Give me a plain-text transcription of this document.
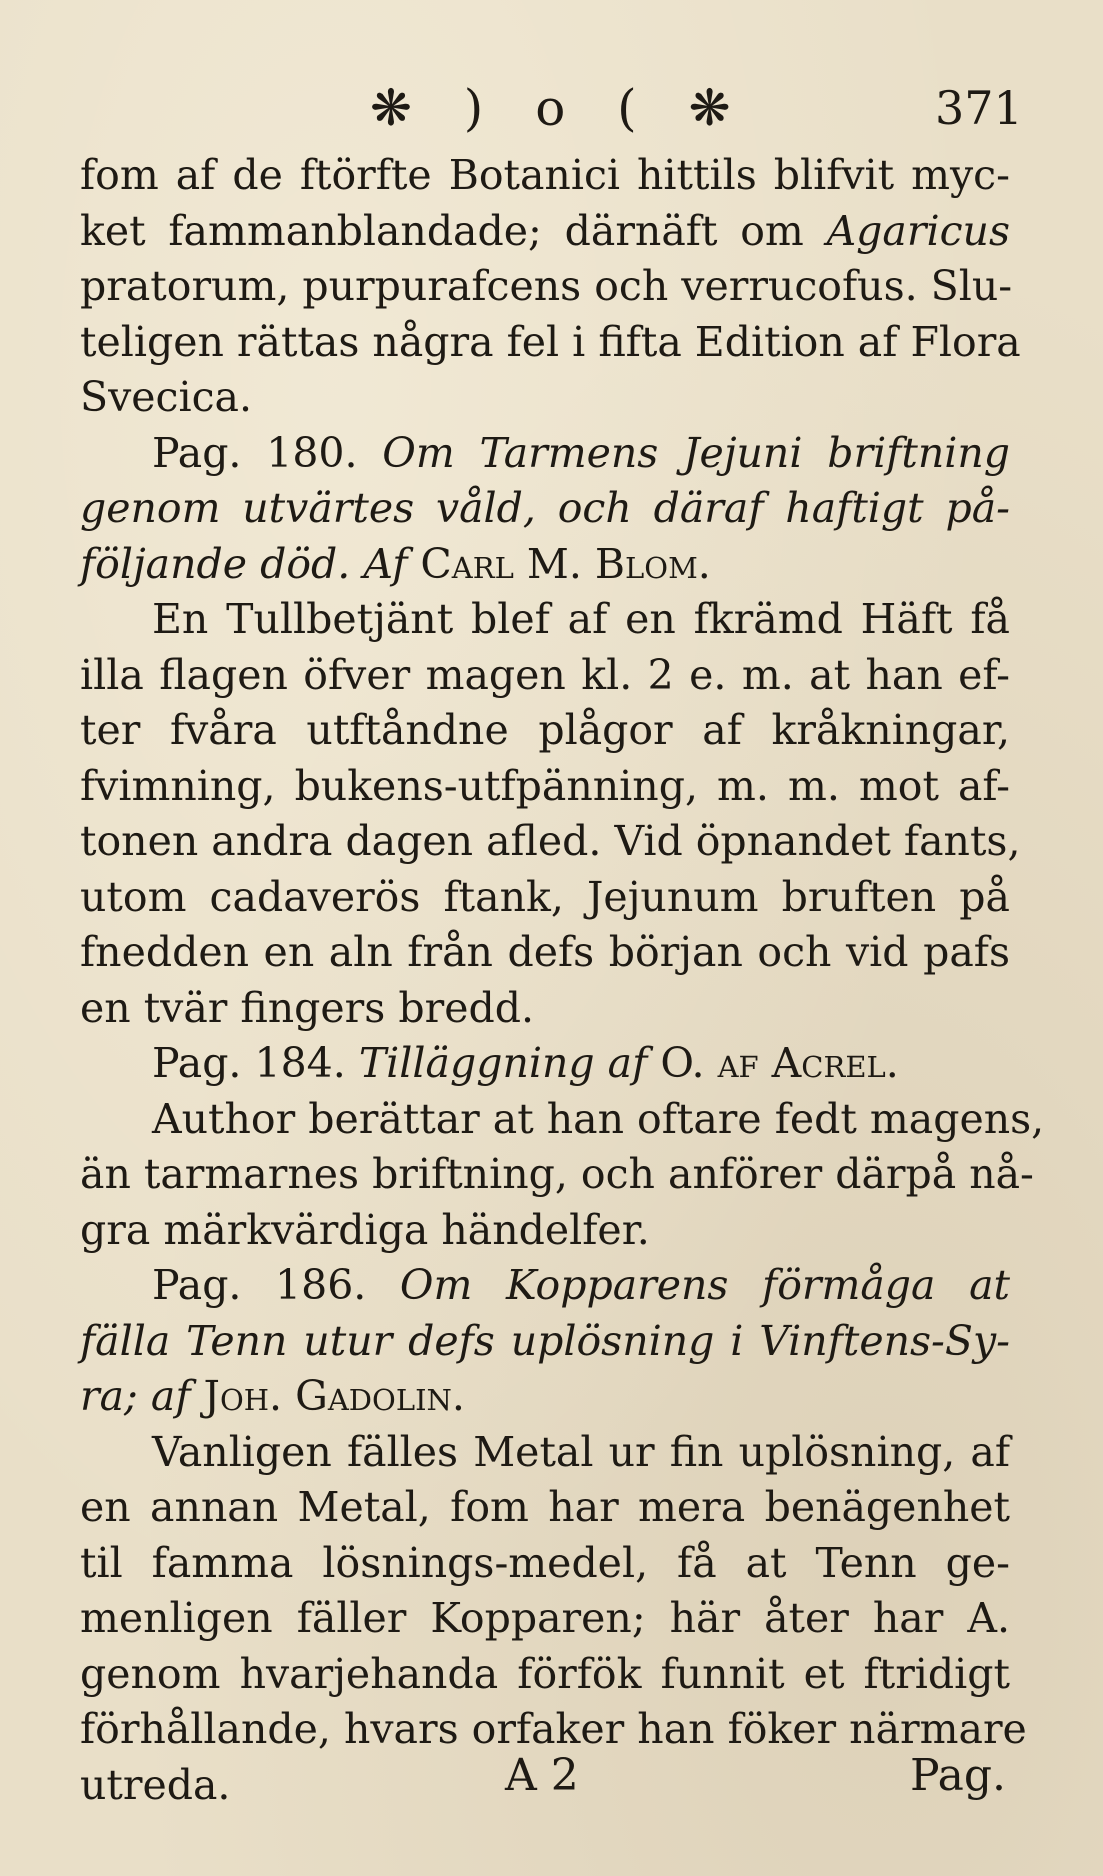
❋ ) o ( ❋	371
fom af de ftörfte Botanici hittils blifvit myc-
ket fammanblandade; därnäft om Agaricus
pratorum, purpurafcens och verrucofus. Slu-
teligen rättas några fel i fifta Edition af Flora
Svecica.
Pag. 180. Om Tarmens Jejuni briftning
genom utvärtes våld, och däraf haftigt på-
följande död. Af Carl M. Blom.
En Tullbetjänt blef af en fkrämd Häft få
illa flagen öfver magen kl. 2 e. m. at han ef-
ter fvåra utftåndne plågor af kråkningar,
fvimning, bukens-utfpänning, m. m. mot af-
tonen andra dagen afled. Vid öpnandet fants,
utom cadaverös ftank, Jejunum bruften på
fnedden en aln från defs början och vid pafs
en tvär fingers bredd.
Pag. 184. Tilläggning af O. af Acrel.
Author berättar at han oftare fedt magens,
än tarmarnes briftning, och anförer därpå nå-
gra märkvärdiga händelfer.
Pag. 186. Om Kopparens förmåga at
fälla Tenn utur defs uplösning i Vinftens-Sy-
ra; af Joh. Gadolin.
Vanligen fälles Metal ur fin uplösning, af
en annan Metal, fom har mera benägenhet
til famma lösnings-medel, få at Tenn ge-
menligen fäller Kopparen; här åter har A.
genom hvarjehanda förfök funnit et ftridigt
förhållande, hvars orfaker han föker närmare
utreda.	A 2	Pag.
